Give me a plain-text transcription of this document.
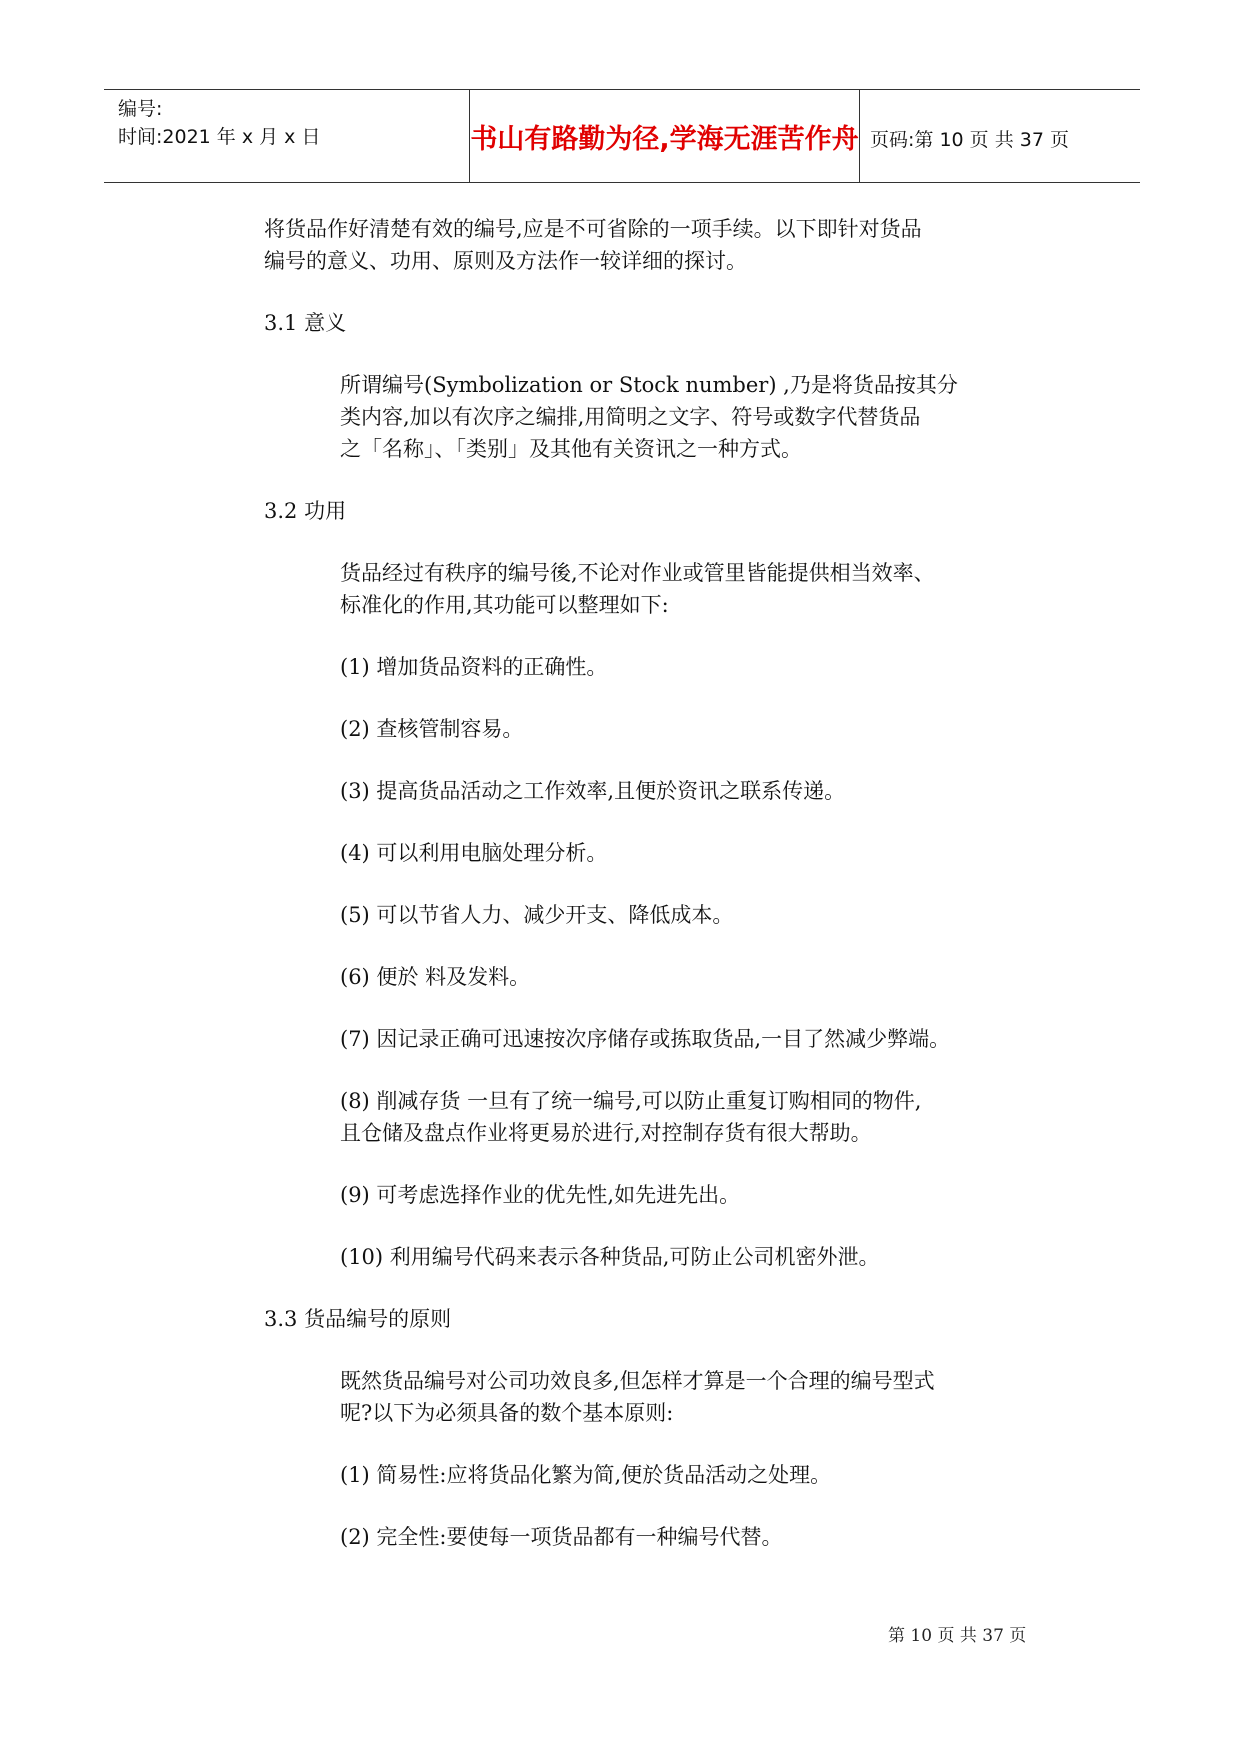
编号:
时间:2021 年 x 月 x 日	书山有路勤为径,学海无涯苦作舟 页码:第 10 页 共 37 页
将货品作好清楚有效的编号,应是不可省除的一项手续。以下即针对货品
编号的意义、功用、原则及方法作一较详细的探讨。
3.1 意义
所谓编号(Symbolization or Stock number) ,乃是将货品按其分
类内容,加以有次序之编排,用简明之文字、符号或数字代替货品
之「名称」、「类别」及其他有关资讯之一种方式。
3.2 功用
货品经过有秩序的编号後,不论对作业或管里皆能提供相当效率、
标准化的作用,其功能可以整理如下:
(1) 增加货品资料的正确性。
(2) 查核管制容易。
(3) 提高货品活动之工作效率,且便於资讯之联系传递。
(4) 可以利用电脑处理分析。
(5) 可以节省人力、减少开支、降低成本。
(6) 便於 料及发料。
(7) 因记录正确可迅速按次序储存或拣取货品,一目了然减少弊端。
(8) 削减存货 一旦有了统一编号,可以防止重复订购相同的物件,
且仓储及盘点作业将更易於进行,对控制存货有很大帮助。
(9) 可考虑选择作业的优先性,如先进先出。
(10) 利用编号代码来表示各种货品,可防止公司机密外泄。
3.3 货品编号的原则
既然货品编号对公司功效良多,但怎样才算是一个合理的编号型式
呢?以下为必须具备的数个基本原则:
(1) 简易性:应将货品化繁为简,便於货品活动之处理。
(2) 完全性:要使每一项货品都有一种编号代替。
第 10 页 共 37 页
